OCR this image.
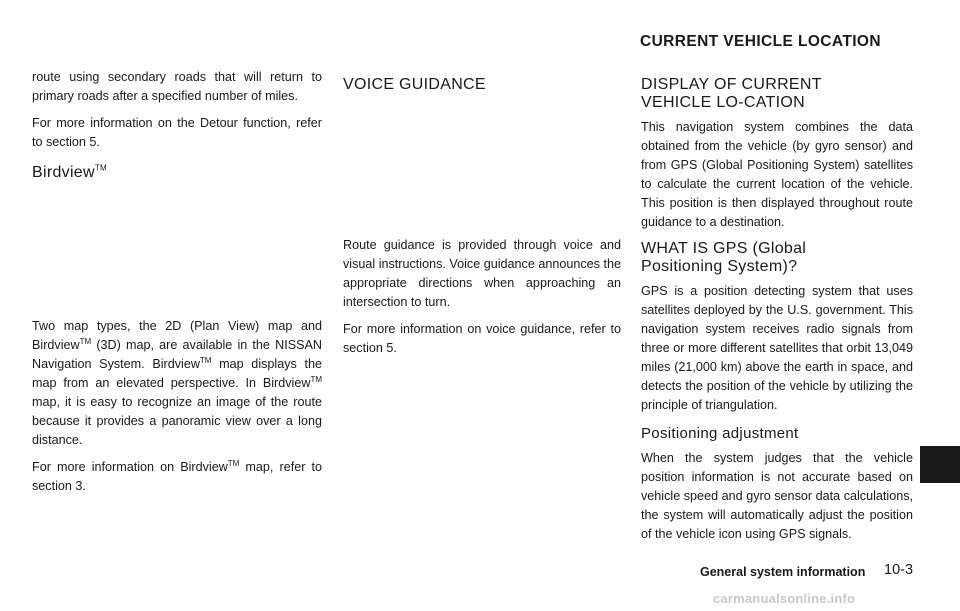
CURRENT VEHICLE LOCATION

route using secondary roads that will return to primary roads after a specified number of miles.

For more information on the Detour function, refer to section 5.

Birdview™

Two map types, the 2D (Plan View) map and Birdview™ (3D) map, are available in the NISSAN Navigation System. Birdview™ map displays the map from an elevated perspective. In Birdview™ map, it is easy to recognize an image of the route because it provides a panoramic view over a long distance.

For more information on Birdview™ map, refer to section 3.

VOICE GUIDANCE

Route guidance is provided through voice and visual instructions. Voice guidance announces the appropriate directions when approaching an intersection to turn.

For more information on voice guidance, refer to section 5.

DISPLAY OF CURRENT VEHICLE LO-CATION

This navigation system combines the data obtained from the vehicle (by gyro sensor) and from GPS (Global Positioning System) satellites to calculate the current location of the vehicle. This position is then displayed throughout route guidance to a destination.

WHAT IS GPS (Global Positioning System)?

GPS is a position detecting system that uses satellites deployed by the U.S. government. This navigation system receives radio signals from three or more different satellites that orbit 13,049 miles (21,000 km) above the earth in space, and detects the position of the vehicle by utilizing the principle of triangulation.

Positioning adjustment

When the system judges that the vehicle position information is not accurate based on vehicle speed and gyro sensor data calculations, the system will automatically adjust the position of the vehicle icon using GPS signals.

General system information 10-3
carmanualsonline.info
